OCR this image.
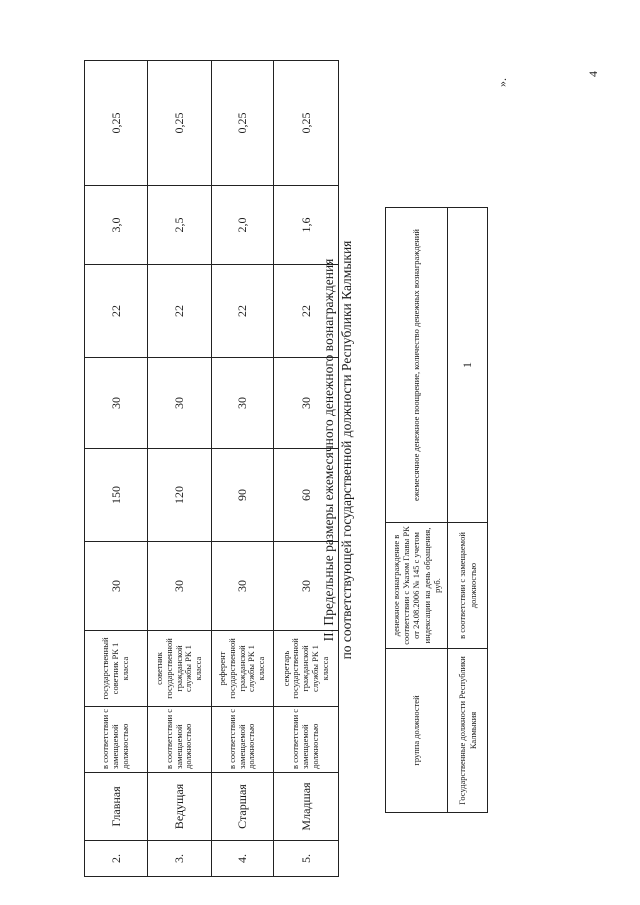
2.	Главная	в соответствии с замещаемой должностью	государственный советник РК 1 класса	30	150	30	22	3,0	0,25
3.	Ведущая	в соответствии с замещаемой должностью	советник государственной гражданской службы РК 1 класса	30	120	30	22	2,5	0,25
4.	Старшая	в соответствии с замещаемой должностью	референт государственной гражданской службы РК 1 класса	30	90	30	22	2,0	0,25
5.	Младшая	в соответствии с замещаемой должностью	секретарь государственной гражданской службы РК 1 класса	30	60	30	22	1,6	0,25
II. Предельные размеры ежемесячного денежного вознаграждения по соответствующей государственной должности Республики Калмыкия
группа должностей	денежное вознаграждение в соответствии с Указом Главы РК от 24.08.2006 № 145 с учетом индексации на день обращения, руб.	ежемесячное денежное поощрение, количество денежных вознаграждений
Государственные должности Республики Калмыкия	в соответствии с замещаемой должностью	1
».
4
